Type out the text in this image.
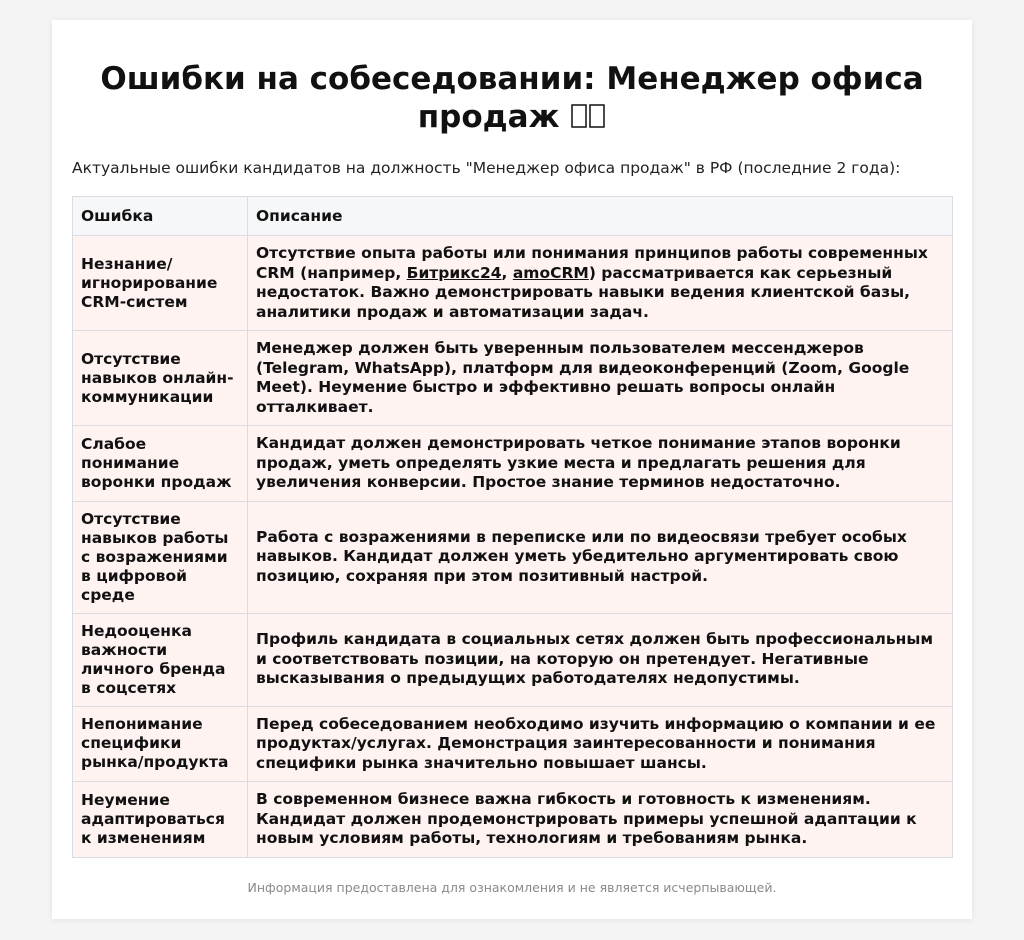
Ошибки на собеседовании: Менеджер офиса продаж

Актуальные ошибки кандидатов на должность "Менеджер офиса продаж" в РФ (последние 2 года):

Ошибка	Описание
Незнание/ игнорирование CRM-систем	Отсутствие опыта работы или понимания принципов работы современных CRM (например, Битрикс24, amoCRM) рассматривается как серьезный недостаток. Важно демонстрировать навыки ведения клиентской базы, аналитики продаж и автоматизации задач.
Отсутствие навыков онлайн-коммуникации	Менеджер должен быть уверенным пользователем мессенджеров (Telegram, WhatsApp), платформ для видеоконференций (Zoom, Google Meet). Неумение быстро и эффективно решать вопросы онлайн отталкивает.
Слабое понимание воронки продаж	Кандидат должен демонстрировать четкое понимание этапов воронки продаж, уметь определять узкие места и предлагать решения для увеличения конверсии. Простое знание терминов недостаточно.
Отсутствие навыков работы с возражениями в цифровой среде	Работа с возражениями в переписке или по видеосвязи требует особых навыков. Кандидат должен уметь убедительно аргументировать свою позицию, сохраняя при этом позитивный настрой.
Недооценка важности личного бренда в соцсетях	Профиль кандидата в социальных сетях должен быть профессиональным и соответствовать позиции, на которую он претендует. Негативные высказывания о предыдущих работодателях недопустимы.
Непонимание специфики рынка/продукта	Перед собеседованием необходимо изучить информацию о компании и ее продуктах/услугах. Демонстрация заинтересованности и понимания специфики рынка значительно повышает шансы.
Неумение адаптироваться к изменениям	В современном бизнесе важна гибкость и готовность к изменениям. Кандидат должен продемонстрировать примеры успешной адаптации к новым условиям работы, технологиям и требованиям рынка.
Информация предоставлена для ознакомления и не является исчерпывающей.
